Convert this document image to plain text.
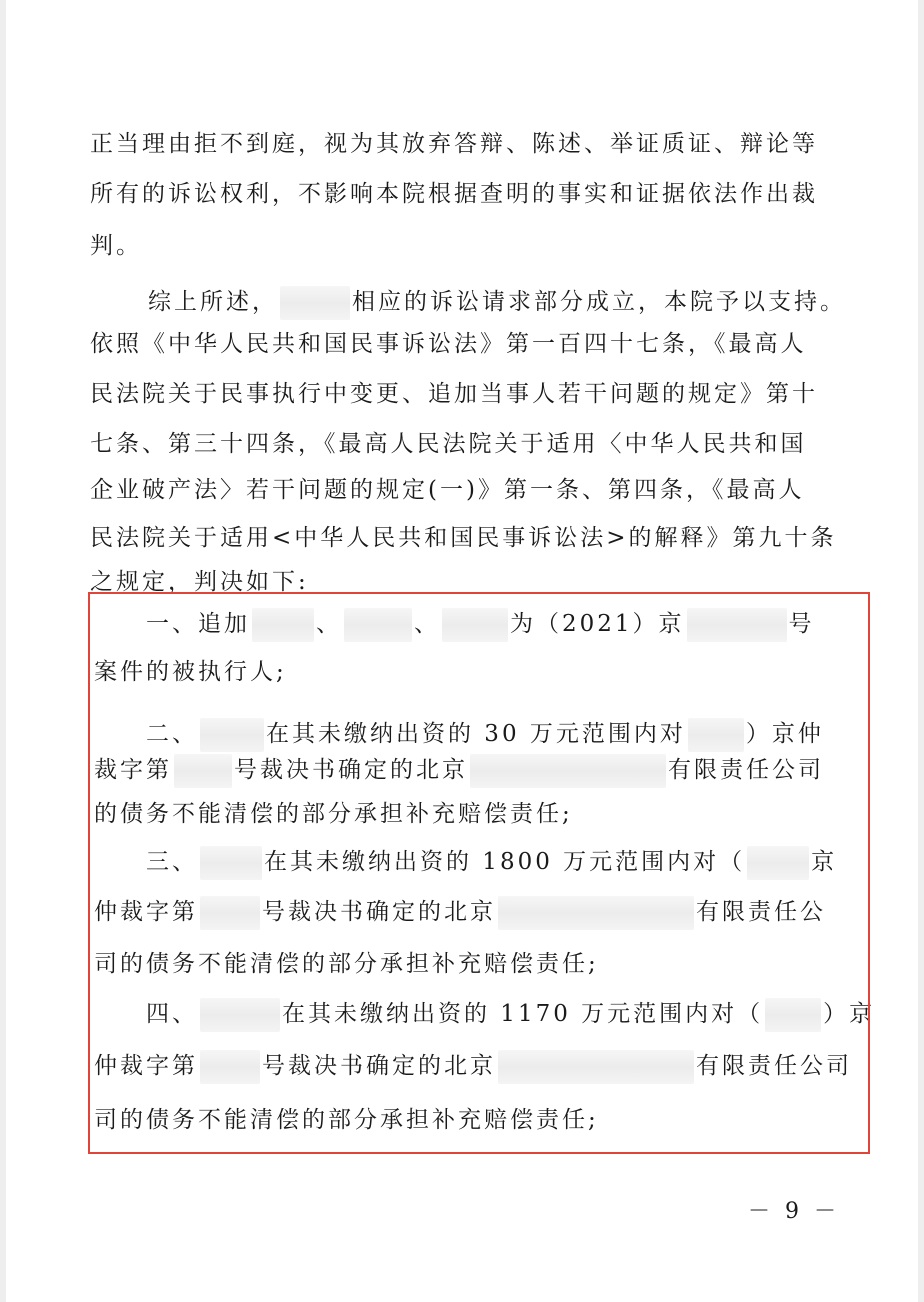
正当理由拒不到庭，视为其放弃答辩、陈述、举证质证、辩论等
所有的诉讼权利，不影响本院根据查明的事实和证据依法作出裁
判。
综上所述，	相应的诉讼请求部分成立，本院予以支持。
依照《中华人民共和国民事诉讼法》第一百四十七条，《最高人
民法院关于民事执行中变更、追加当事人若干问题的规定》第十
七条、第三十四条，《最高人民法院关于适用〈中华人民共和国
企业破产法〉若干问题的规定(一)》第一条、第四条，《最高人
民法院关于适用<中华人民共和国民事诉讼法>的解释》第九十条
之规定，判决如下:
一、追加	、	、	为（2021）京	号
案件的被执行人;
二、	在其未缴纳出资的 30 万元范围内对	）京仲
裁字第	号裁决书确定的北京	有限责任公司
的债务不能清偿的部分承担补充赔偿责任;
三、	在其未缴纳出资的 1800 万元范围内对（	京
仲裁字第	号裁决书确定的北京	有限责任公
司的债务不能清偿的部分承担补充赔偿责任;
四、	在其未缴纳出资的 1170 万元范围内对（	）京
仲裁字第	号裁决书确定的北京	有限责任公司
司的债务不能清偿的部分承担补充赔偿责任;
－ 9 －
